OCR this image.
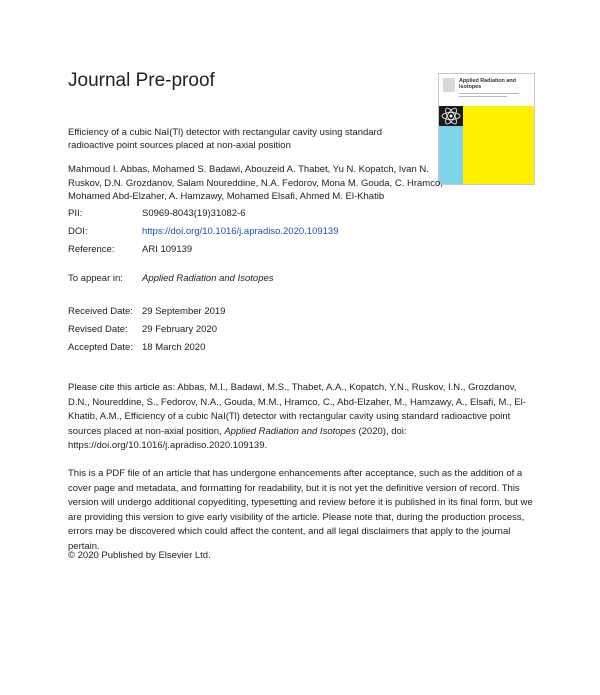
Journal Pre-proof	Applied Radiation and Isotopes
Efficiency of a cubic NaI(Tl) detector with rectangular cavity using standard radioactive point sources placed at non-axial position
Mahmoud I. Abbas, Mohamed S. Badawi, Abouzeid A. Thabet, Yu N. Kopatch, Ivan N. Ruskov, D.N. Grozdanov, Salam Noureddine, N.A. Fedorov, Mona M. Gouda, C. Hramco, Mohamed Abd-Elzaher, A. Hamzawy, Mohamed Elsafi, Ahmed M. El-Khatib
PII:	S0969-8043(19)31082-6
DOI:	https://doi.org/10.1016/j.apradiso.2020.109139
Reference:	ARI 109139
To appear in: Applied Radiation and Isotopes
Received Date: 29 September 2019
Revised Date: 29 February 2020
Accepted Date: 18 March 2020

Please cite this article as: Abbas, M.I., Badawi, M.S., Thabet, A.A., Kopatch, Y.N., Ruskov, I.N., Grozdanov, D.N., Noureddine, S., Fedorov, N.A., Gouda, M.M., Hramco, C., Abd-Elzaher, M., Hamzawy, A., Elsafi, M., El-Khatib, A.M., Efficiency of a cubic NaI(Tl) detector with rectangular cavity using standard radioactive point sources placed at non-axial position, Applied Radiation and Isotopes (2020), doi: https://doi.org/10.1016/j.apradiso.2020.109139.

This is a PDF file of an article that has undergone enhancements after acceptance, such as the addition of a cover page and metadata, and formatting for readability, but it is not yet the definitive version of record. This version will undergo additional copyediting, typesetting and review before it is published in its final form, but we are providing this version to give early visibility of the article. Please note that, during the production process, errors may be discovered which could affect the content, and all legal disclaimers that apply to the journal pertain.

© 2020 Published by Elsevier Ltd.
